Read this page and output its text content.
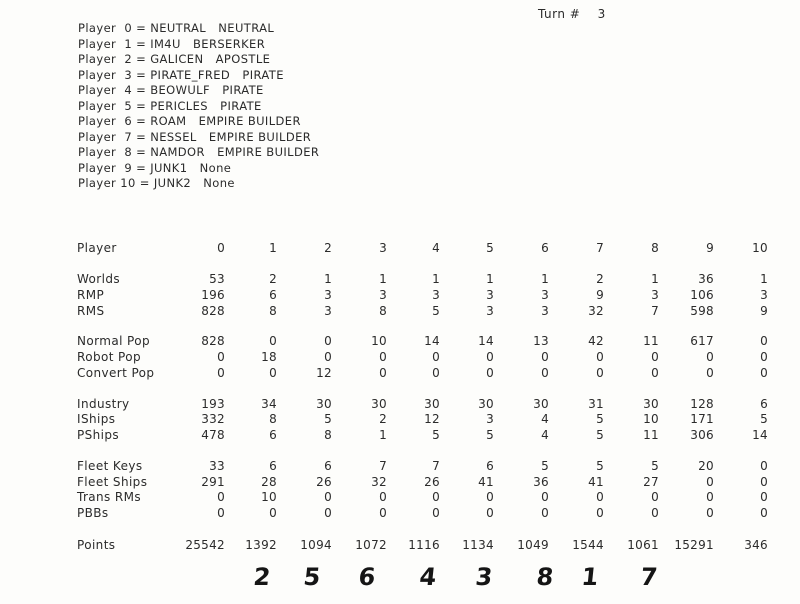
Turn # 3
Player 0 = NEUTRAL NEUTRAL
Player 1 = IM4U BERSERKER
Player 2 = GALICEN APOSTLE
Player 3 = PIRATE_FRED PIRATE
Player 4 = BEOWULF PIRATE
Player 5 = PERICLES PIRATE
Player 6 = ROAM EMPIRE BUILDER
Player 7 = NESSEL EMPIRE BUILDER
Player 8 = NAMDOR EMPIRE BUILDER
Player 9 = JUNK1 None
Player 10 = JUNK2 None
Player	0	1	2	3	4	5	6	7	8	9	10
Worlds	53	2	1	1	1	1	1	2	1	36	1
RMP	196	6	3	3	3	3	3	9	3	106	3
RMS	828	8	3	8	5	3	3	32	7	598	9
Normal Pop	828	0	0	10	14	14	13	42	11	617	0
Robot Pop	0	18	0	0	0	0	0	0	0	0	0
Convert Pop	0	0	12	0	0	0	0	0	0	0	0
Industry	193	34	30	30	30	30	30	31	30	128	6
IShips	332	8	5	2	12	3	4	5	10	171	5
PShips	478	6	8	1	5	5	4	5	11	306	14
Fleet Keys	33	6	6	7	7	6	5	5	5	20	0
Fleet Ships	291	28	26	32	26	41	36	41	27	0	0
Trans RMs	0	10	0	0	0	0	0	0	0	0	0
PBBs	0	0	0	0	0	0	0	0	0	0	0
Points	25542 1392 1094 1072 1116 1134 1049 1544 1061 15291	346
2 5 6 4 3 8 1 7
